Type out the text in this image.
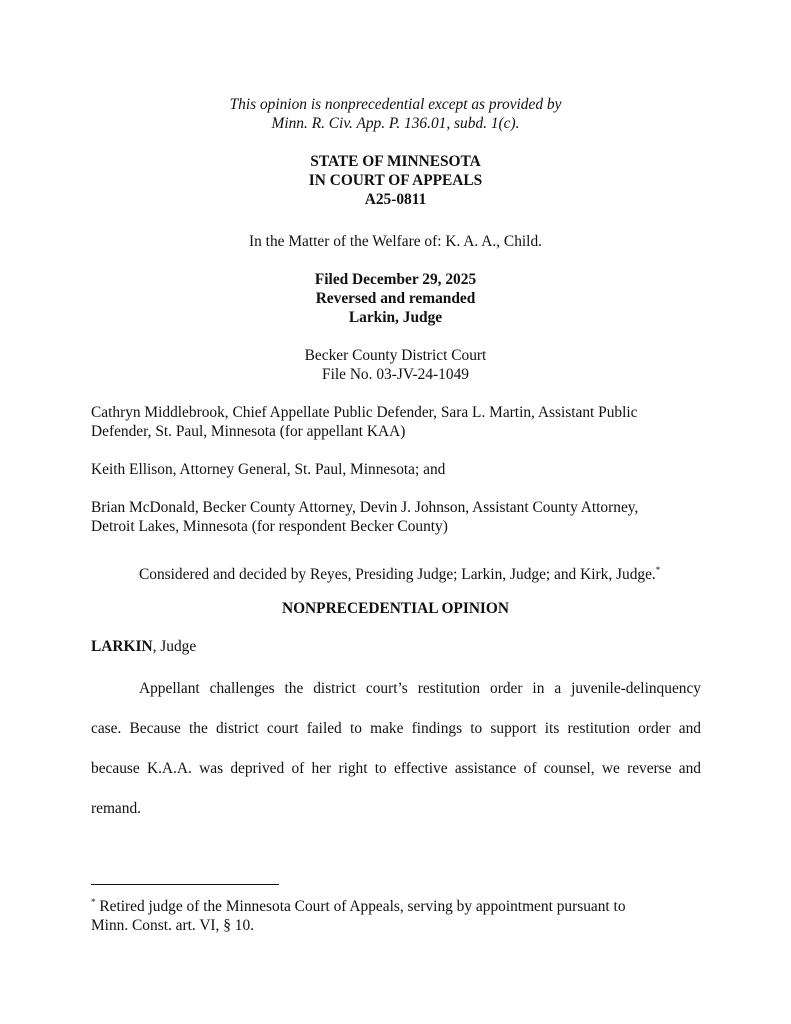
This opinion is nonprecedential except as provided by
Minn. R. Civ. App. P. 136.01, subd. 1(c).
STATE OF MINNESOTA
IN COURT OF APPEALS
A25-0811
In the Matter of the Welfare of: K. A. A., Child.
Filed December 29, 2025
Reversed and remanded
Larkin, Judge
Becker County District Court
File No. 03-JV-24-1049
Cathryn Middlebrook, Chief Appellate Public Defender, Sara L. Martin, Assistant Public
Defender, St. Paul, Minnesota (for appellant KAA)
Keith Ellison, Attorney General, St. Paul, Minnesota; and
Brian McDonald, Becker County Attorney, Devin J. Johnson, Assistant County Attorney,
Detroit Lakes, Minnesota (for respondent Becker County)
Considered and decided by Reyes, Presiding Judge; Larkin, Judge; and Kirk, Judge.*
NONPRECEDENTIAL OPINION
LARKIN, Judge
Appellant challenges the district court’s restitution order in a juvenile-delinquency
case. Because the district court failed to make findings to support its restitution order and
because K.A.A. was deprived of her right to effective assistance of counsel, we reverse and
remand.
* Retired judge of the Minnesota Court of Appeals, serving by appointment pursuant to
Minn. Const. art. VI, § 10.
